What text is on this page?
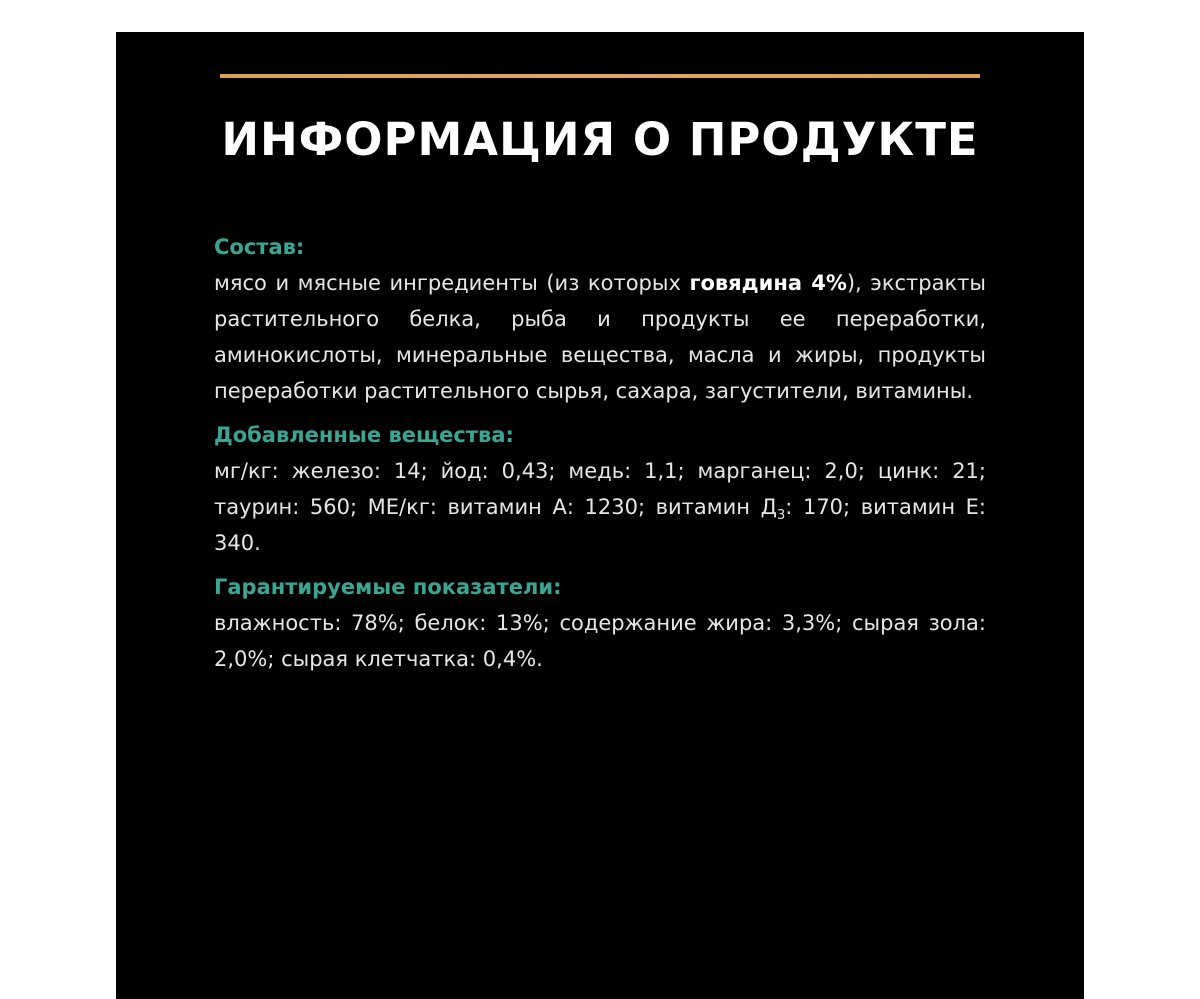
ИНФОРМАЦИЯ О ПРОДУКТЕ
Состав:
мясо и мясные ингредиенты (из которых говядина 4%), экстракты растительного белка, рыба и продукты ее переработки, аминокислоты, минеральные вещества, масла и жиры, продукты переработки растительного сырья, сахара, загустители, витамины.
Добавленные вещества:
мг/кг: железо: 14; йод: 0,43; медь: 1,1; марганец: 2,0; цинк: 21; таурин: 560; МЕ/кг: витамин А: 1230; витамин $Д_3$: 170; витамин Е: 340.
Гарантируемые показатели:
влажность: 78%; белок: 13%; содержание жира: 3,3%; сырая зола: 2,0%; сырая клетчатка: 0,4%.
